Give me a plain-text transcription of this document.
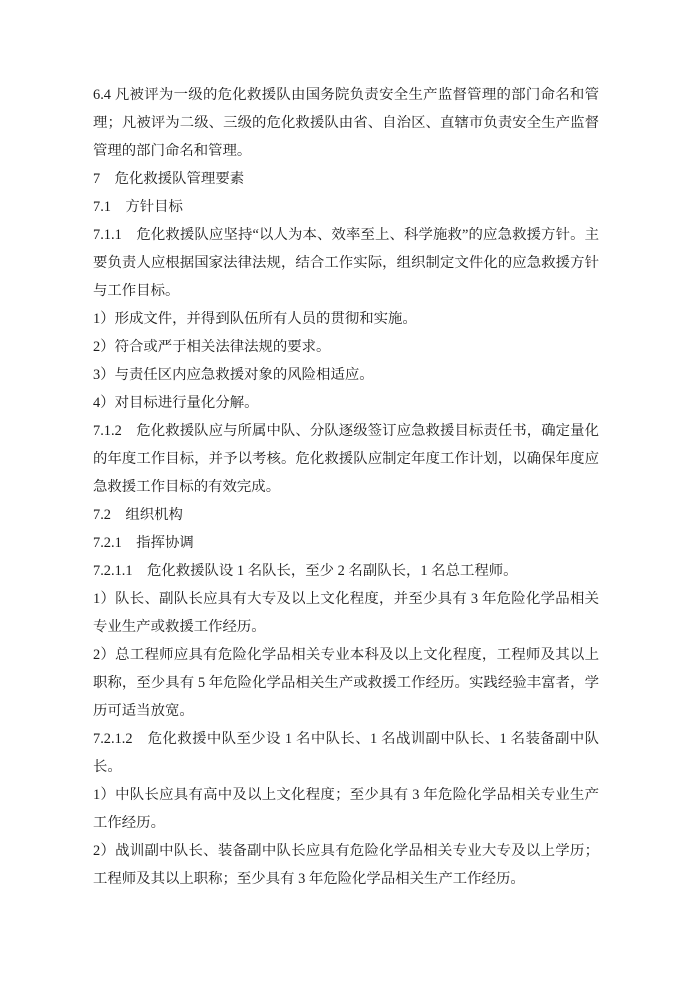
6.4 凡被评为一级的危化救援队由国务院负责安全生产监督管理的部门命名和管理；凡被评为二级、三级的危化救援队由省、自治区、直辖市负责安全生产监督管理的部门命名和管理。

7　危化救援队管理要素

7.1　方针目标

7.1.1　危化救援队应坚持“以人为本、效率至上、科学施救”的应急救援方针。主要负责人应根据国家法律法规，结合工作实际，组织制定文件化的应急救援方针与工作目标。

1）形成文件，并得到队伍所有人员的贯彻和实施。

2）符合或严于相关法律法规的要求。

3）与责任区内应急救援对象的风险相适应。

4）对目标进行量化分解。

7.1.2　危化救援队应与所属中队、分队逐级签订应急救援目标责任书，确定量化的年度工作目标，并予以考核。危化救援队应制定年度工作计划，以确保年度应急救援工作目标的有效完成。

7.2　组织机构

7.2.1　指挥协调

7.2.1.1　危化救援队设 1 名队长，至少 2 名副队长，1 名总工程师。

1）队长、副队长应具有大专及以上文化程度，并至少具有 3 年危险化学品相关专业生产或救援工作经历。

2）总工程师应具有危险化学品相关专业本科及以上文化程度，工程师及其以上职称，至少具有 5 年危险化学品相关生产或救援工作经历。实践经验丰富者，学历可适当放宽。

7.2.1.2　危化救援中队至少设 1 名中队长、1 名战训副中队长、1 名装备副中队长。

1）中队长应具有高中及以上文化程度；至少具有 3 年危险化学品相关专业生产工作经历。

2）战训副中队长、装备副中队长应具有危险化学品相关专业大专及以上学历；工程师及其以上职称；至少具有 3 年危险化学品相关生产工作经历。
